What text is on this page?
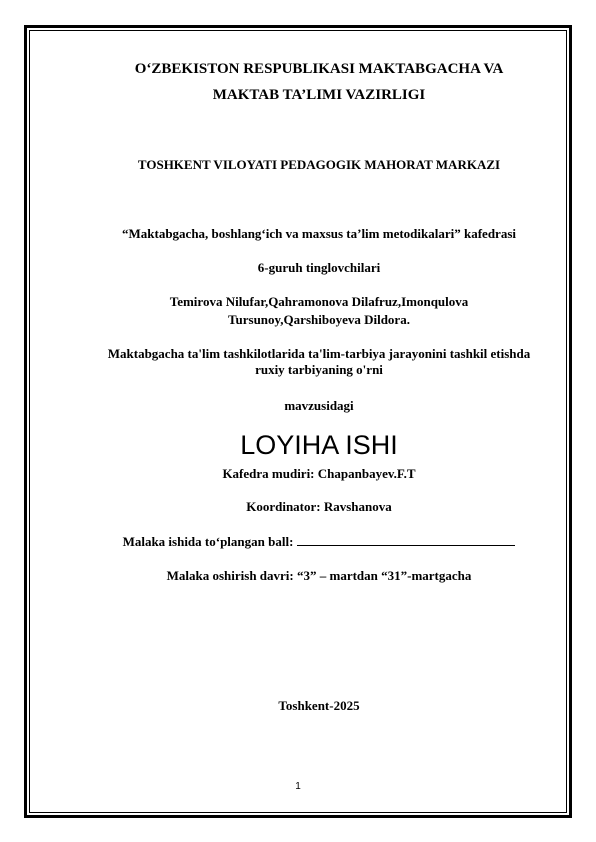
O‘ZBEKISTON RESPUBLIKASI MAKTABGACHA VA
MAKTAB TA’LIMI VAZIRLIGI
TOSHKENT VILOYATI PEDAGOGIK MAHORAT MARKAZI
“Maktabgacha, boshlang‘ich va maxsus ta’lim metodikalari” kafedrasi
6-guruh tinglovchilari
Temirova Nilufar,Qahramonova Dilafruz,Imonqulova
Tursunoy,Qarshiboyeva Dildora.
Maktabgacha ta'lim tashkilotlarida ta'lim-tarbiya jarayonini tashkil etishda
ruxiy tarbiyaning o'rni
mavzusidagi
LOYIHA ISHI
Kafedra mudiri: Chapanbayev.F.T
Koordinator: Ravshanova
Malaka ishida to‘plangan ball:
Malaka oshirish davri: “3” – martdan “31”-martgacha
Toshkent-2025
1
